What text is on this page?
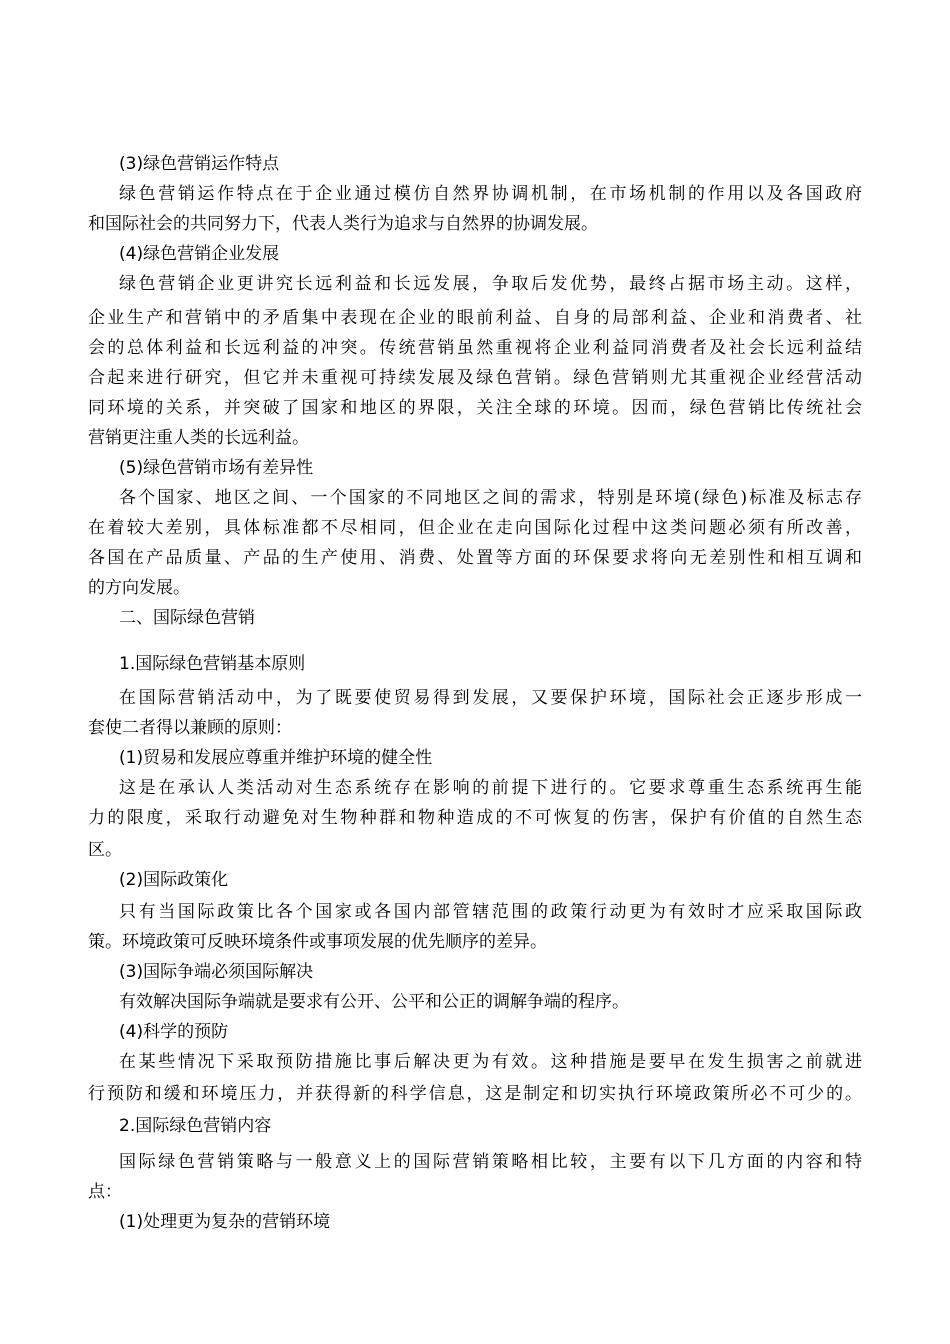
(3)绿色营销运作特点
绿色营销运作特点在于企业通过模仿自然界协调机制，在市场机制的作用以及各国政府
和国际社会的共同努力下，代表人类行为追求与自然界的协调发展。
(4)绿色营销企业发展
绿色营销企业更讲究长远利益和长远发展，争取后发优势，最终占据市场主动。这样，
企业生产和营销中的矛盾集中表现在企业的眼前利益、自身的局部利益、企业和消费者、社
会的总体利益和长远利益的冲突。传统营销虽然重视将企业利益同消费者及社会长远利益结
合起来进行研究，但它并未重视可持续发展及绿色营销。绿色营销则尤其重视企业经营活动
同环境的关系，并突破了国家和地区的界限，关注全球的环境。因而，绿色营销比传统社会
营销更注重人类的长远利益。
(5)绿色营销市场有差异性
各个国家、地区之间、一个国家的不同地区之间的需求，特别是环境(绿色)标准及标志存
在着较大差别，具体标准都不尽相同，但企业在走向国际化过程中这类问题必须有所改善，
各国在产品质量、产品的生产使用、消费、处置等方面的环保要求将向无差别性和相互调和
的方向发展。
二、国际绿色营销
1.国际绿色营销基本原则
在国际营销活动中，为了既要使贸易得到发展，又要保护环境，国际社会正逐步形成一
套使二者得以兼顾的原则：
(1)贸易和发展应尊重并维护环境的健全性
这是在承认人类活动对生态系统存在影响的前提下进行的。它要求尊重生态系统再生能
力的限度，采取行动避免对生物种群和物种造成的不可恢复的伤害，保护有价值的自然生态
区。
(2)国际政策化
只有当国际政策比各个国家或各国内部管辖范围的政策行动更为有效时才应采取国际政
策。环境政策可反映环境条件或事项发展的优先顺序的差异。
(3)国际争端必须国际解决
有效解决国际争端就是要求有公开、公平和公正的调解争端的程序。
(4)科学的预防
在某些情况下采取预防措施比事后解决更为有效。这种措施是要早在发生损害之前就进
行预防和缓和环境压力，并获得新的科学信息，这是制定和切实执行环境政策所必不可少的。
2.国际绿色营销内容
国际绿色营销策略与一般意义上的国际营销策略相比较，主要有以下几方面的内容和特
点：
(1)处理更为复杂的营销环境
